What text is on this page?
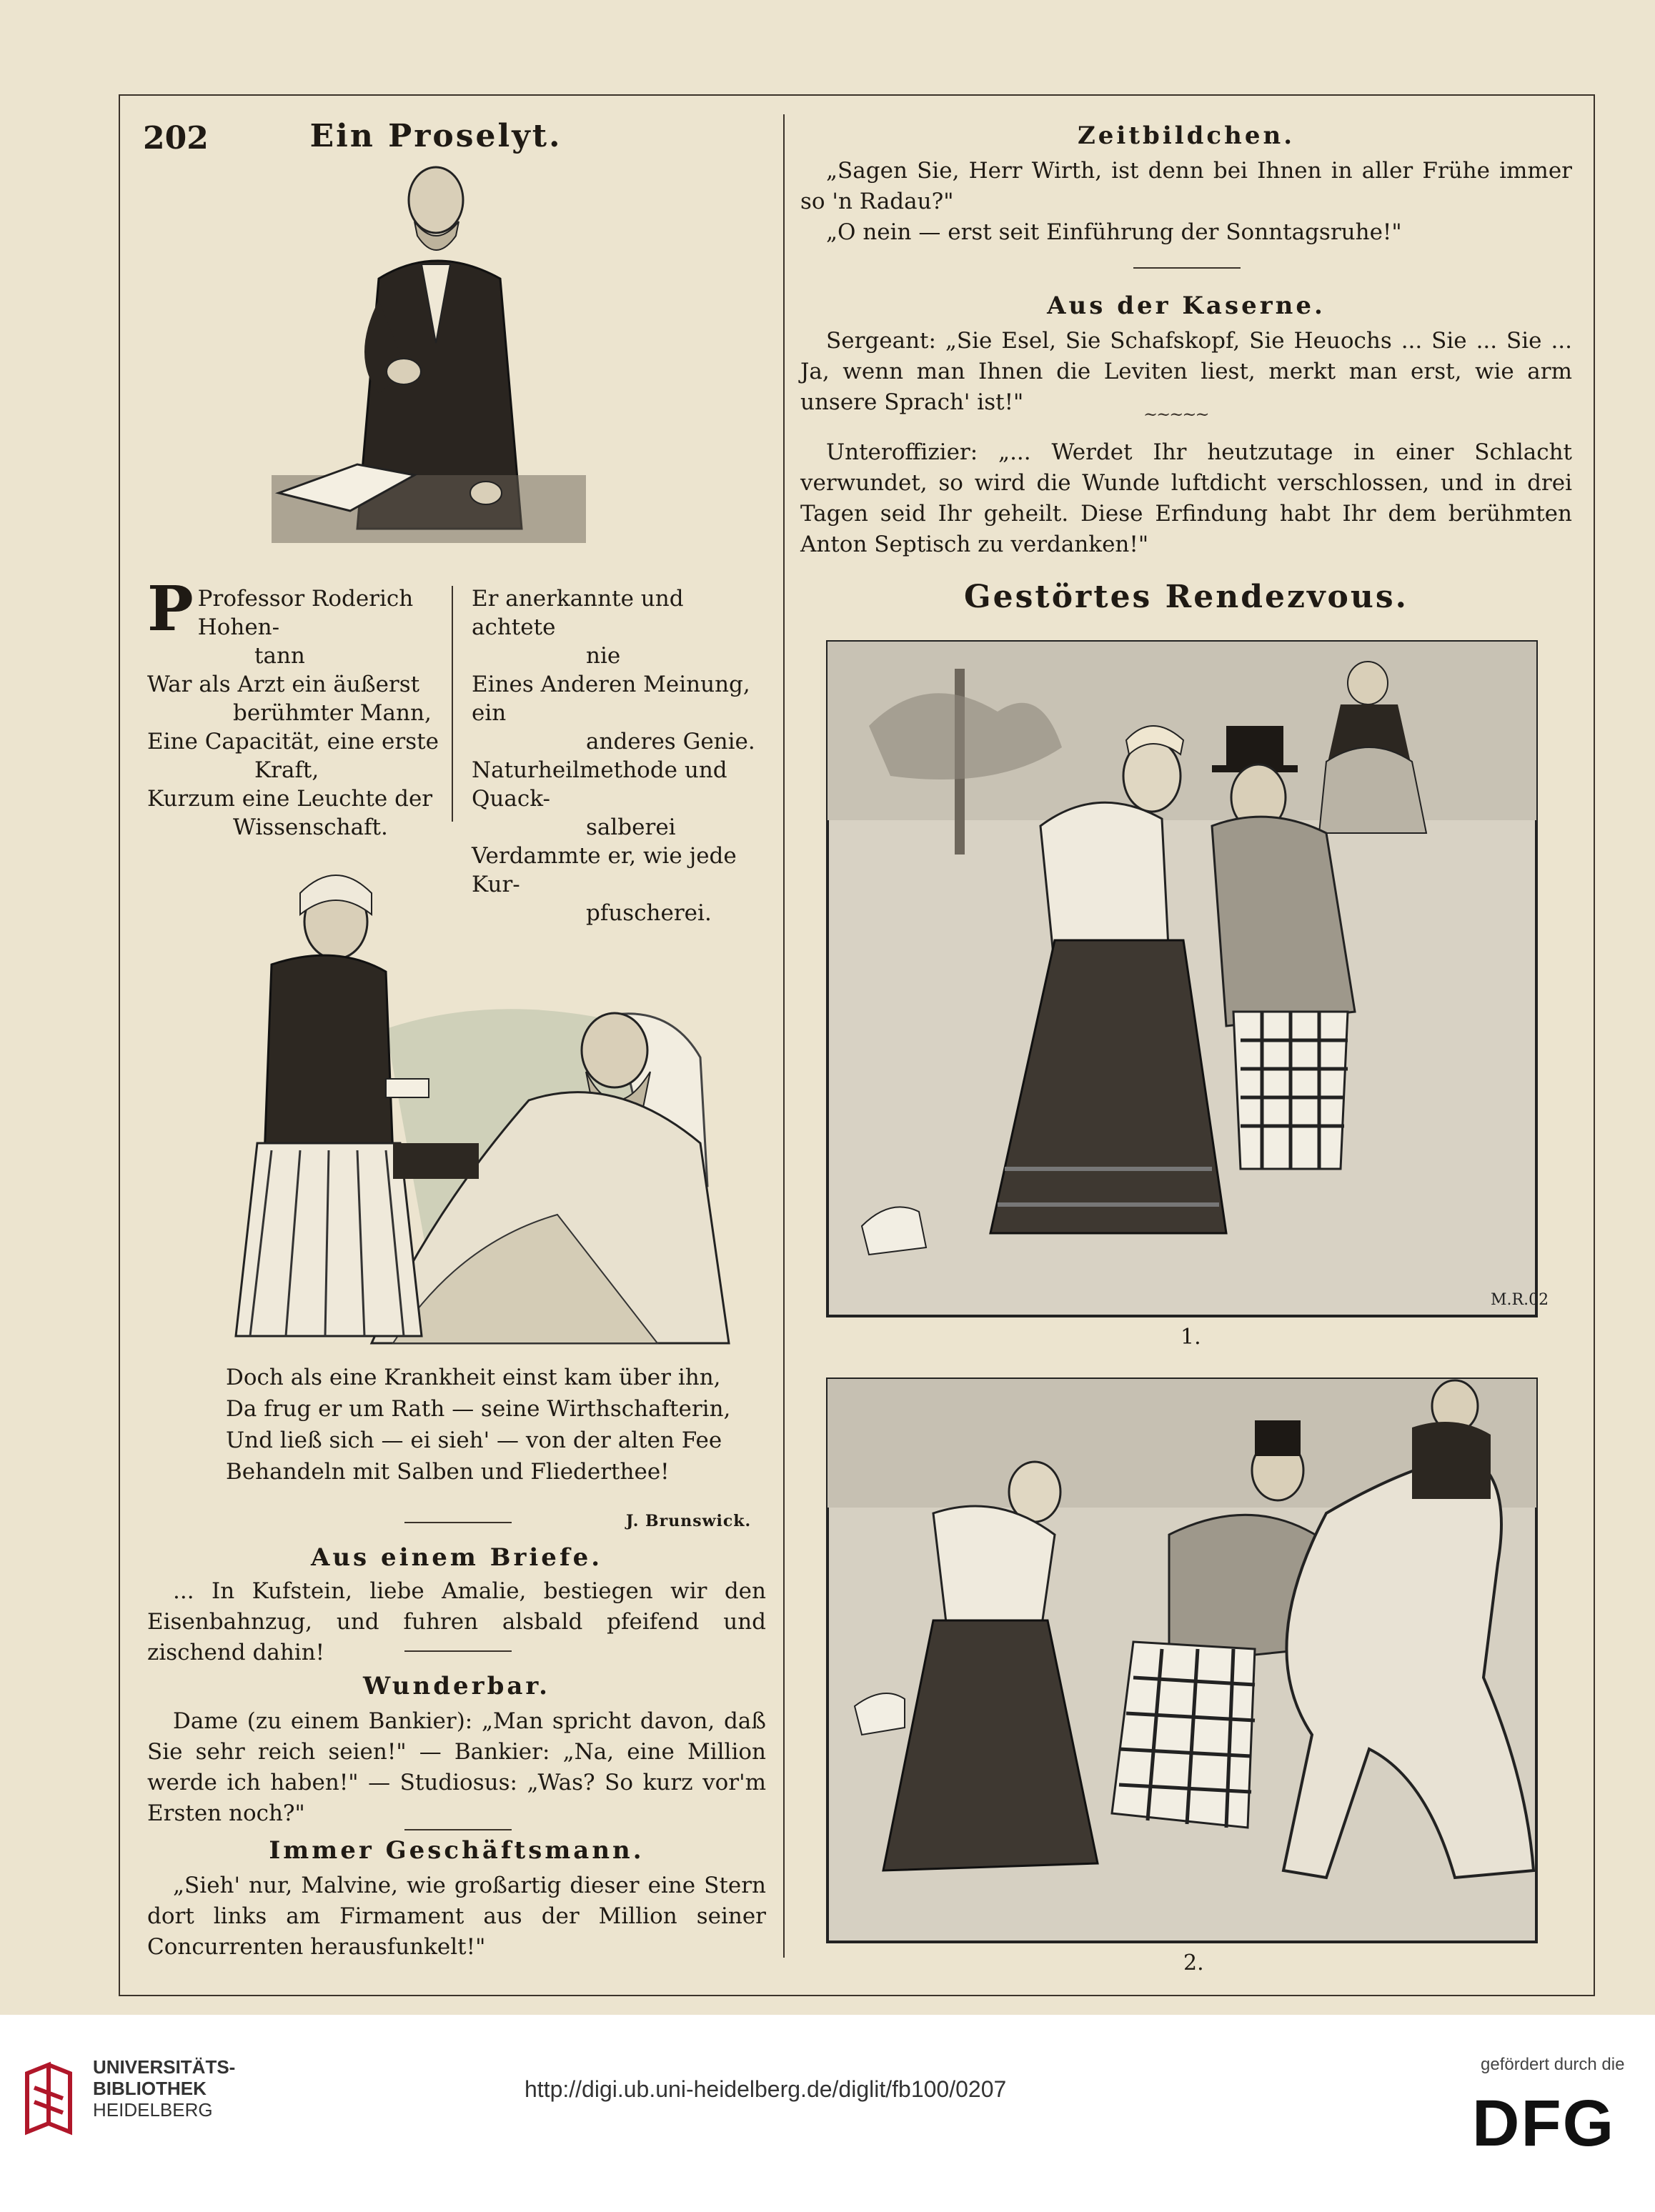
202	Ein Proselyt.
P Professor Roderich Hohen-
tann
War als Arzt ein äußerst
berühmter Mann,
Eine Capacität, eine erste
Kraft,
Kurzum eine Leuchte der
Wissenschaft.
Er anerkannte und achtete
nie
Eines Anderen Meinung, ein
anderes Genie.
Naturheilmethode und Quack-
salberei
Verdammte er, wie jede Kur-
pfuscherei.
Doch als eine Krankheit einst kam über ihn,
Da frug er um Rath — seine Wirthschafterin,
Und ließ sich — ei sieh' — von der alten Fee
Behandeln mit Salben und Fliederthee!
J. Brunswick.
Aus einem Briefe.

... In Kufstein, liebe Amalie, bestiegen wir den Eisenbahnzug, und fuhren alsbald pfeifend und zischend dahin!

Wunderbar.

Dame (zu einem Bankier): „Man spricht davon, daß Sie sehr reich seien!" — Bankier: „Na, eine Million werde ich haben!" — Studiosus: „Was? So kurz vor'm Ersten noch?"

Immer Geschäftsmann.

„Sieh' nur, Malvine, wie großartig dieser eine Stern dort links am Firmament aus der Million seiner Concurrenten herausfunkelt!"

Zeitbildchen.

„Sagen Sie, Herr Wirth, ist denn bei Ihnen in aller Frühe immer so 'n Radau?"

„O nein — erst seit Einführung der Sonntagsruhe!"

Aus der Kaserne.

Sergeant: „Sie Esel, Sie Schafskopf, Sie Heuochs ... Sie ... Sie ... Ja, wenn man Ihnen die Leviten liest, merkt man erst, wie arm unsere Sprach' ist!"	~~~~~

Unteroffizier: „... Werdet Ihr heutzutage in einer Schlacht verwundet, so wird die Wunde luftdicht verschlossen, und in drei Tagen seid Ihr geheilt. Diese Erfindung habt Ihr dem berühmten Anton Septisch zu verdanken!"

Gestörtes Rendezvous.
M.R.02
1.
2.
UNIVERSITÄTS-
BIBLIOTHEK
HEIDELBERG
http://digi.ub.uni-heidelberg.de/diglit/fb100/0207
gefördert durch die
DFG
